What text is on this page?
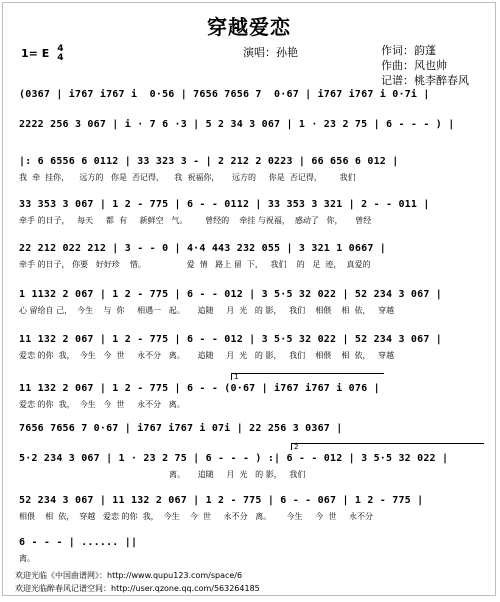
穿越爱恋
1= E 4
4	演唱：孙艳	作词：韵蓬
作曲：风也帅
记谱：桃李醉春风
(0367 | i767 i767 i  0·56 | 7656 7656 7  0·67 | i767 i767 i 0·7i |
2222 256 3 067 | i · 7 6 ·3 | 5 2 34 3 067 | 1 · 23 2 75 | 6 - - - ) |
|: 6 6556 6 0112 | 33 323 3 - | 2 212 2 0223 | 66 656 6 012 |
我  牵  挂你，    远方的   你是  否记得，    我  祝福你，     远方的     你是  否记得，       我们
33 353 3 067 | 1 2 - 775 | 6 - - 0112 | 33 353 3 321 | 2 - - 011 |
牵手 的日子，   每天     都  有     新鲜空   气。       曾经的    牵挂 与祝福，  感动了   你，     曾经
22 212 022 212 | 3 - - 0 | 4·4 443 232 055 | 3 321 1 0667 |
牵手 的日子， 你要   好好珍    惜。                爱  情   路上 留  下，   我们    的   足  迹，  真爱的
1 1132 2 067 | 1 2 - 775 | 6 - - 012 | 3 5·5 32 022 | 52 234 3 067 |
心 留给自 己，  今生    与  你     相遇一   起。     追随     月  光   的 影，   我们    相偎    相  依，   穿越
11 132 2 067 | 1 2 - 775 | 6 - - 012 | 3 5·5 32 022 | 52 234 3 067 |
爱恋 的你  我，  今生   今  世     永不分   离。     追随     月  光   的 影，   我们    相偎    相  依，   穿越
1
11 132 2 067 | 1 2 - 775 | 6 - - (0·67 | i767 i767 i 076 |
爱恋 的你  我，  今生   今  世     永不分   离。
7656 7656 7 0·67 | i767 i767 i 07i | 22 256 3 0367 |
2
5·2 234 3 067 | 1 · 23 2 75 | 6 - - - ) :| 6 - - 012 | 3 5·5 32 022 |
离。     追随     月  光   的 影，   我们
52 234 3 067 | 11 132 2 067 | 1 2 - 775 | 6 - - 067 | 1 2 - 775 |
相偎    相  依，  穿越   爱恋 的你  我，  今生    今  世     永不分   离。      今生     今  世     永不分
6 - - - | ...... ||
离。
欢迎光临《中国曲谱网》：http://www.qupu123.com/space/6
欢迎光临醉春风记谱空间：http://user.qzone.qq.com/563264185
